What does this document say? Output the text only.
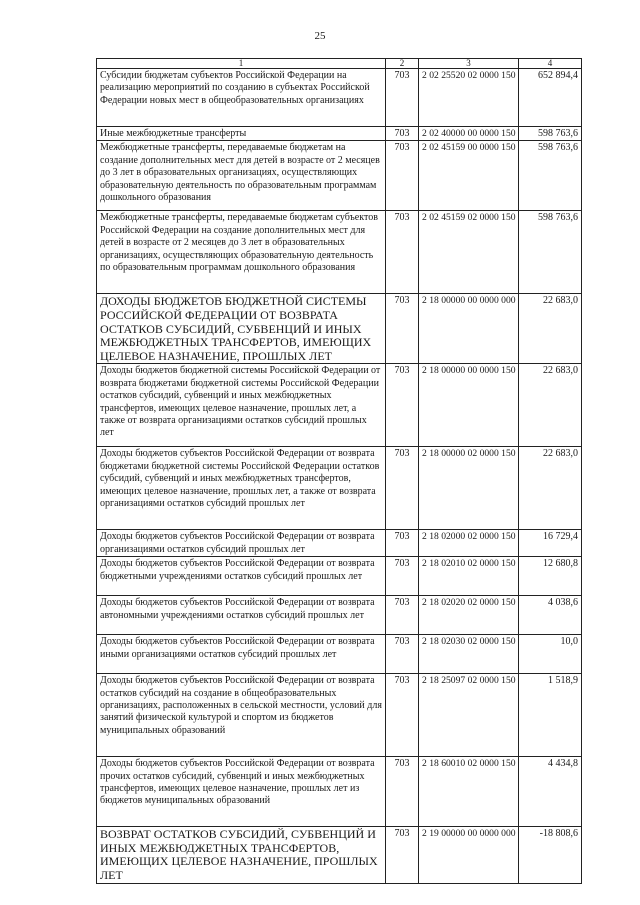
25
1	2	3	4
Субсидии бюджетам субъектов Российской Федерации на реализацию мероприятий по созданию в субъектах Российской Федерации новых мест в общеобразовательных организациях	703	2 02 25520 02 0000 150	652 894,4
Иные межбюджетные трансферты	703	2 02 40000 00 0000 150	598 763,6
Межбюджетные трансферты, передаваемые бюджетам на создание дополнительных мест для детей в возрасте от 2 месяцев до 3 лет в образовательных организациях, осуществляющих образовательную деятельность по образовательным программам дошкольного образования	703	2 02 45159 00 0000 150	598 763,6
Межбюджетные трансферты, передаваемые бюджетам субъектов Российской Федерации на создание дополнительных мест для детей в возрасте от 2 месяцев до 3 лет в образовательных организациях, осуществляющих образовательную деятельность по образовательным программам дошкольного образования	703	2 02 45159 02 0000 150	598 763,6
ДОХОДЫ БЮДЖЕТОВ БЮДЖЕТНОЙ СИСТЕМЫ РОССИЙСКОЙ ФЕДЕРАЦИИ ОТ ВОЗВРАТА ОСТАТКОВ СУБСИДИЙ, СУБВЕНЦИЙ И ИНЫХ МЕЖБЮДЖЕТНЫХ ТРАНСФЕРТОВ, ИМЕЮЩИХ ЦЕЛЕВОЕ НАЗНАЧЕНИЕ, ПРОШЛЫХ ЛЕТ	703	2 18 00000 00 0000 000	22 683,0
Доходы бюджетов бюджетной системы Российской Федерации от возврата бюджетами бюджетной системы Российской Федерации остатков субсидий, субвенций и иных межбюджетных трансфертов, имеющих целевое назначение, прошлых лет, а также от возврата организациями остатков субсидий прошлых лет	703	2 18 00000 00 0000 150	22 683,0
Доходы бюджетов субъектов Российской Федерации от возврата бюджетами бюджетной системы Российской Федерации остатков субсидий, субвенций и иных межбюджетных трансфертов, имеющих целевое назначение, прошлых лет, а также от возврата организациями остатков субсидий прошлых лет	703	2 18 00000 02 0000 150	22 683,0
Доходы бюджетов субъектов Российской Федерации от возврата организациями остатков субсидий прошлых лет	703	2 18 02000 02 0000 150	16 729,4
Доходы бюджетов субъектов Российской Федерации от возврата бюджетными учреждениями остатков субсидий прошлых лет	703	2 18 02010 02 0000 150	12 680,8
Доходы бюджетов субъектов Российской Федерации от возврата автономными учреждениями остатков субсидий прошлых лет	703	2 18 02020 02 0000 150	4 038,6
Доходы бюджетов субъектов Российской Федерации от возврата иными организациями остатков субсидий прошлых лет	703	2 18 02030 02 0000 150	10,0
Доходы бюджетов субъектов Российской Федерации от возврата остатков субсидий на создание в общеобразовательных организациях, расположенных в сельской местности, условий для занятий физической культурой и спортом из бюджетов муниципальных образований	703	2 18 25097 02 0000 150	1 518,9
Доходы бюджетов субъектов Российской Федерации от возврата прочих остатков субсидий, субвенций и иных межбюджетных трансфертов, имеющих целевое назначение, прошлых лет из бюджетов муниципальных образований	703	2 18 60010 02 0000 150	4 434,8
ВОЗВРАТ ОСТАТКОВ СУБСИДИЙ, СУБВЕНЦИЙ И ИНЫХ МЕЖБЮДЖЕТНЫХ ТРАНСФЕРТОВ, ИМЕЮЩИХ ЦЕЛЕВОЕ НАЗНАЧЕНИЕ, ПРОШЛЫХ ЛЕТ	703	2 19 00000 00 0000 000	-18 808,6
